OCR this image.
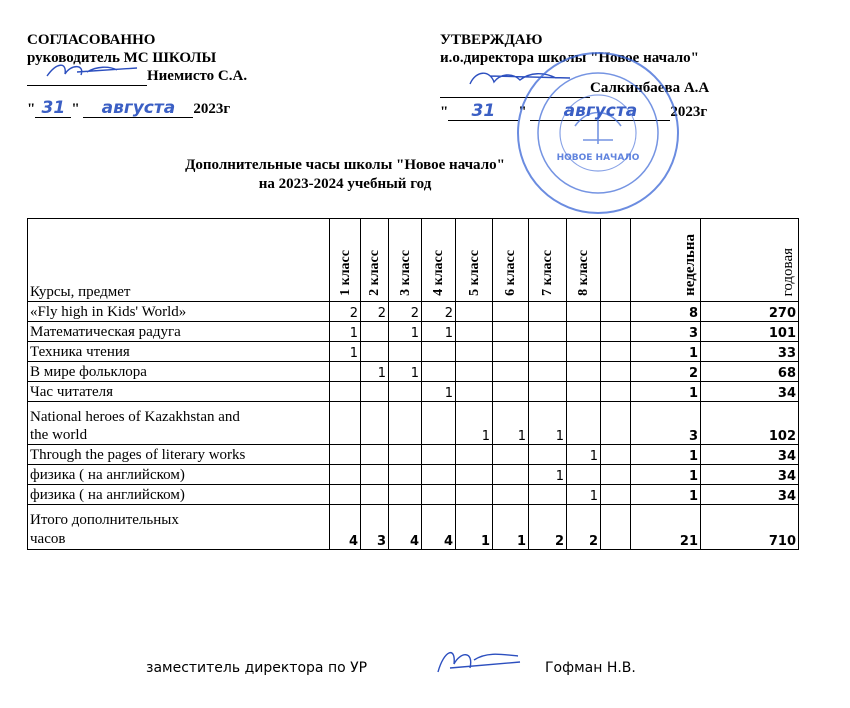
СОГЛАСОВАННО
руководитель МС ШКОЛЫ
Ниемисто С.А.
" 31 " августа 2023г
УТВЕРЖДАЮ
и.о.директора школы "Новое начало"
Салкинбаева А.А
" 31 " августа 2023г
НОВОЕ НАЧАЛО
Дополнительные часы школы "Новое начало"
на 2023-2024 учебный год
Курсы, предмет	1 класс	2 класс	3 класс	4 класс	5 класс	6 класс	7 класс	8 класс		недельна	годовая
«Fly high in Kids' World»	2	2	2	2						8	270
Математическая радуга	1		1	1						3	101
Техника чтения	1									1	33
В мире фольклора		1	1							2	68
Час читателя				1						1	34
National heroes of Kazakhstan and
the world					1	1	1			3	102
Through the pages of literary works								1		1	34
физика ( на английском)							1			1	34
физика ( на английском)								1		1	34
Итого дополнительных
часов	4	3	4	4	1	1	2	2		21	710
заместитель директора по УР	Гофман Н.В.
